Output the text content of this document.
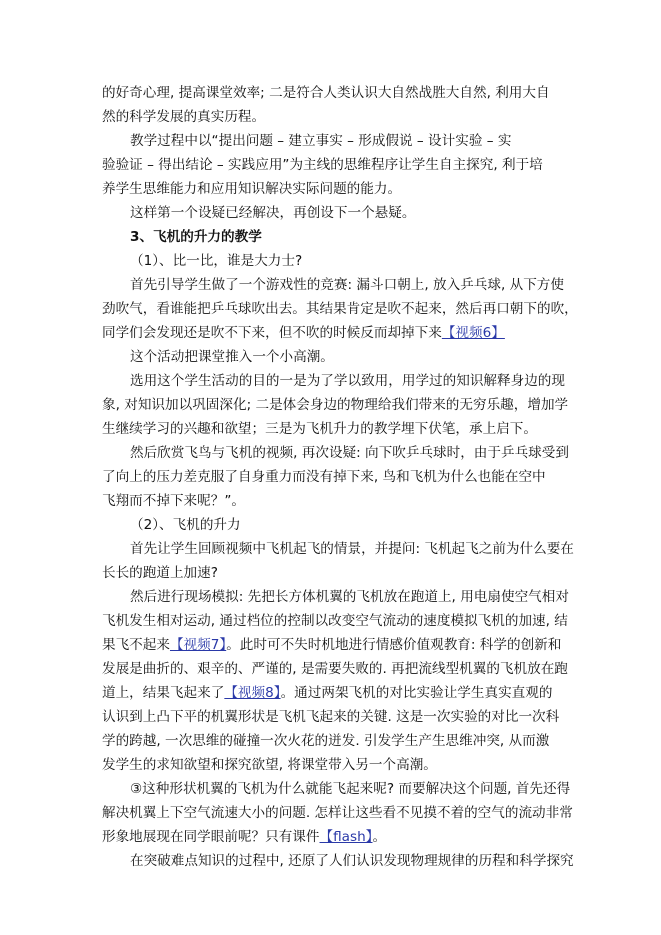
的好奇心理, 提高课堂效率; 二是符合人类认识大自然战胜大自然, 利用大自
然的科学发展的真实历程。
教学过程中以“提出问题 – 建立事实 – 形成假说 – 设计实验 – 实
验验证 – 得出结论 – 实践应用”为主线的思维程序让学生自主探究, 利于培
养学生思维能力和应用知识解决实际问题的能力。
这样第一个设疑已经解决，再创设下一个悬疑。
3、飞机的升力的教学
（1）、比一比，谁是大力士?
首先引导学生做了一个游戏性的竞赛: 漏斗口朝上, 放入乒乓球, 从下方使
劲吹气，看谁能把乒乓球吹出去。其结果肯定是吹不起来，然后再口朝下的吹，
同学们会发现还是吹不下来，但不吹的时候反而却掉下来【视频6】
这个活动把课堂推入一个小高潮。
选用这个学生活动的目的一是为了学以致用，用学过的知识解释身边的现
象, 对知识加以巩固深化; 二是体会身边的物理给我们带来的无穷乐趣，增加学
生继续学习的兴趣和欲望；三是为飞机升力的教学埋下伏笔，承上启下。
然后欣赏飞鸟与飞机的视频, 再次设疑: 向下吹乒乓球时，由于乒乓球受到
了向上的压力差克服了自身重力而没有掉下来, 鸟和飞机为什么也能在空中
飞翔而不掉下来呢？”。
（2）、飞机的升力
首先让学生回顾视频中飞机起飞的情景，并提问: 飞机起飞之前为什么要在
长长的跑道上加速?
然后进行现场模拟: 先把长方体机翼的飞机放在跑道上, 用电扇使空气相对
飞机发生相对运动, 通过档位的控制以改变空气流动的速度模拟飞机的加速, 结
果飞不起来【视频7】。此时可不失时机地进行情感价值观教育: 科学的创新和
发展是曲折的、艰辛的、严谨的, 是需要失败的. 再把流线型机翼的飞机放在跑
道上，结果飞起来了【视频8】。通过两架飞机的对比实验让学生真实直观的
认识到上凸下平的机翼形状是飞机飞起来的关键. 这是一次实验的对比一次科
学的跨越, 一次思维的碰撞一次火花的迸发. 引发学生产生思维冲突, 从而激
发学生的求知欲望和探究欲望, 将课堂带入另一个高潮。
③这种形状机翼的飞机为什么就能飞起来呢? 而要解决这个问题, 首先还得
解决机翼上下空气流速大小的问题. 怎样让这些看不见摸不着的空气的流动非常
形象地展现在同学眼前呢？只有课件【flash】。
在突破难点知识的过程中, 还原了人们认识发现物理规律的历程和科学探究
